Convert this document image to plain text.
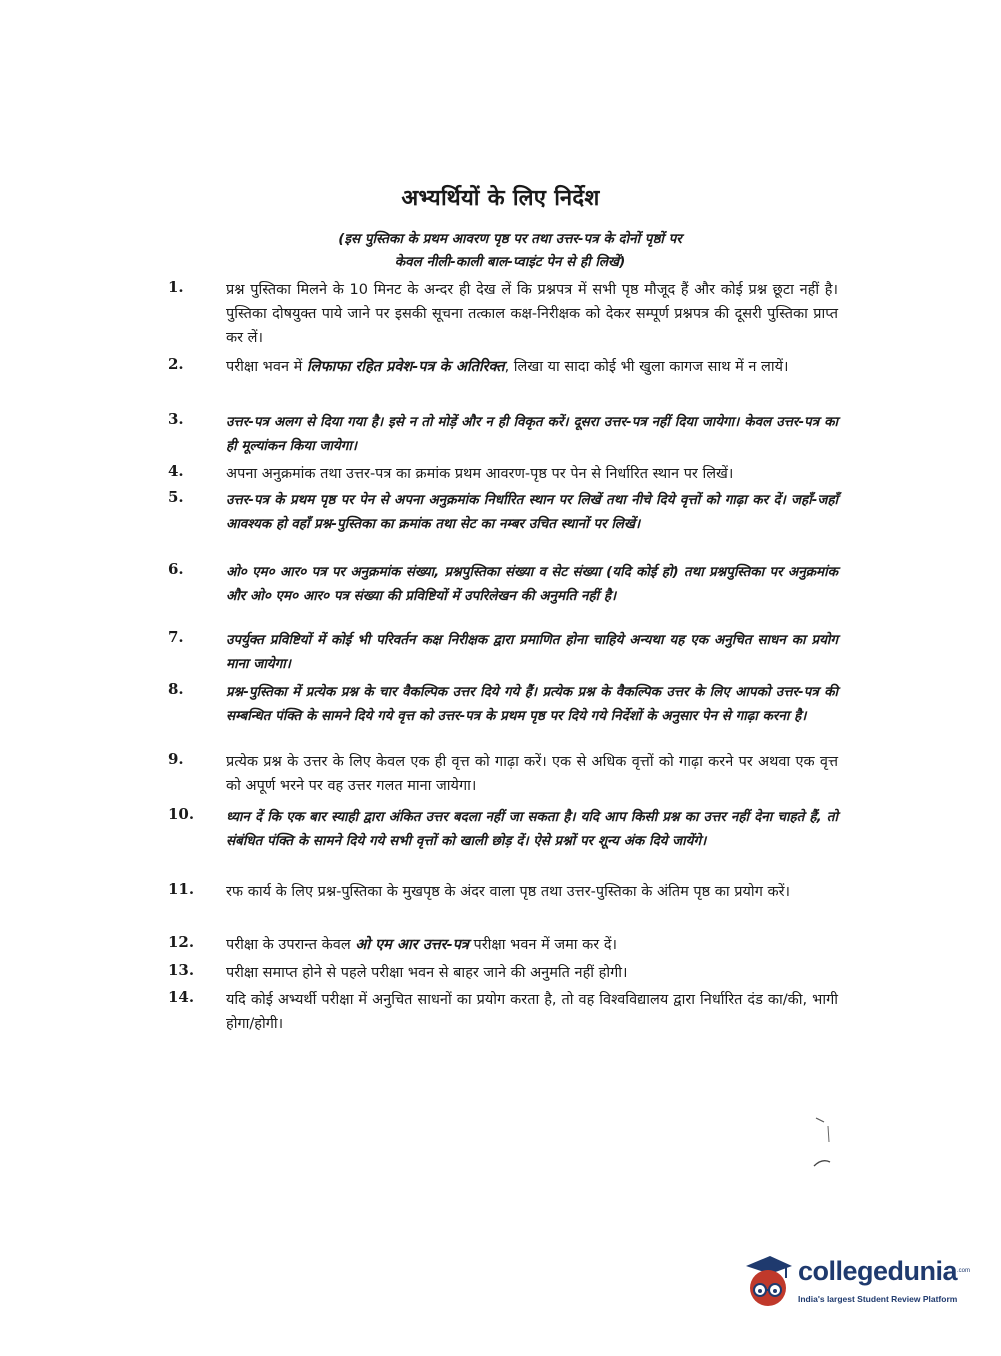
अभ्यर्थियों के लिए निर्देश
(इस पुस्तिका के प्रथम आवरण पृष्ठ पर तथा उत्तर-पत्र के दोनों पृष्ठों पर
केवल नीली-काली बाल-प्वाइंट पेन से ही लिखें)
1.	प्रश्न पुस्तिका मिलने के 10 मिनट के अन्दर ही देख लें कि प्रश्नपत्र में सभी पृष्ठ मौजूद हैं और कोई प्रश्न छूटा नहीं है। पुस्तिका दोषयुक्त पाये जाने पर इसकी सूचना तत्काल कक्ष-निरीक्षक को देकर सम्पूर्ण प्रश्नपत्र की दूसरी पुस्तिका प्राप्त कर लें।
2.	परीक्षा भवन में लिफाफा रहित प्रवेश-पत्र के अतिरिक्त, लिखा या सादा कोई भी खुला कागज साथ में न लायें।
3.	उत्तर-पत्र अलग से दिया गया है। इसे न तो मोड़ें और न ही विकृत करें। दूसरा उत्तर-पत्र नहीं दिया जायेगा। केवल उत्तर-पत्र का ही मूल्यांकन किया जायेगा।
4.	अपना अनुक्रमांक तथा उत्तर-पत्र का क्रमांक प्रथम आवरण-पृष्ठ पर पेन से निर्धारित स्थान पर लिखें।
5.	उत्तर-पत्र के प्रथम पृष्ठ पर पेन से अपना अनुक्रमांक निर्धारित स्थान पर लिखें तथा नीचे दिये वृत्तों को गाढ़ा कर दें। जहाँ-जहाँ आवश्यक हो वहाँ प्रश्न-पुस्तिका का क्रमांक तथा सेट का नम्बर उचित स्थानों पर लिखें।
6.	ओ० एम० आर० पत्र पर अनुक्रमांक संख्या, प्रश्नपुस्तिका संख्या व सेट संख्या (यदि कोई हो) तथा प्रश्नपुस्तिका पर अनुक्रमांक और ओ० एम० आर० पत्र संख्या की प्रविष्टियों में उपरिलेखन की अनुमति नहीं है।
7.	उपर्युक्त प्रविष्टियों में कोई भी परिवर्तन कक्ष निरीक्षक द्वारा प्रमाणित होना चाहिये अन्यथा यह एक अनुचित साधन का प्रयोग माना जायेगा।
8.	प्रश्न-पुस्तिका में प्रत्येक प्रश्न के चार वैकल्पिक उत्तर दिये गये हैं। प्रत्येक प्रश्न के वैकल्पिक उत्तर के लिए आपको उत्तर-पत्र की सम्बन्धित पंक्ति के सामने दिये गये वृत्त को उत्तर-पत्र के प्रथम पृष्ठ पर दिये गये निर्देशों के अनुसार पेन से गाढ़ा करना है।
9.	प्रत्येक प्रश्न के उत्तर के लिए केवल एक ही वृत्त को गाढ़ा करें। एक से अधिक वृत्तों को गाढ़ा करने पर अथवा एक वृत्त को अपूर्ण भरने पर वह उत्तर गलत माना जायेगा।
10. ध्यान दें कि एक बार स्याही द्वारा अंकित उत्तर बदला नहीं जा सकता है। यदि आप किसी प्रश्न का उत्तर नहीं देना चाहते हैं, तो संबंधित पंक्ति के सामने दिये गये सभी वृत्तों को खाली छोड़ दें। ऐसे प्रश्नों पर शून्य अंक दिये जायेंगे।
11. रफ कार्य के लिए प्रश्न-पुस्तिका के मुखपृष्ठ के अंदर वाला पृष्ठ तथा उत्तर-पुस्तिका के अंतिम पृष्ठ का प्रयोग करें।
12. परीक्षा के उपरान्त केवल ओ एम आर उत्तर-पत्र परीक्षा भवन में जमा कर दें।
13. परीक्षा समाप्त होने से पहले परीक्षा भवन से बाहर जाने की अनुमति नहीं होगी।
14. यदि कोई अभ्यर्थी परीक्षा में अनुचित साधनों का प्रयोग करता है, तो वह विश्वविद्यालय द्वारा निर्धारित दंड का/की, भागी होगा/होगी।
collegedunia .com
India's largest Student Review Platform
